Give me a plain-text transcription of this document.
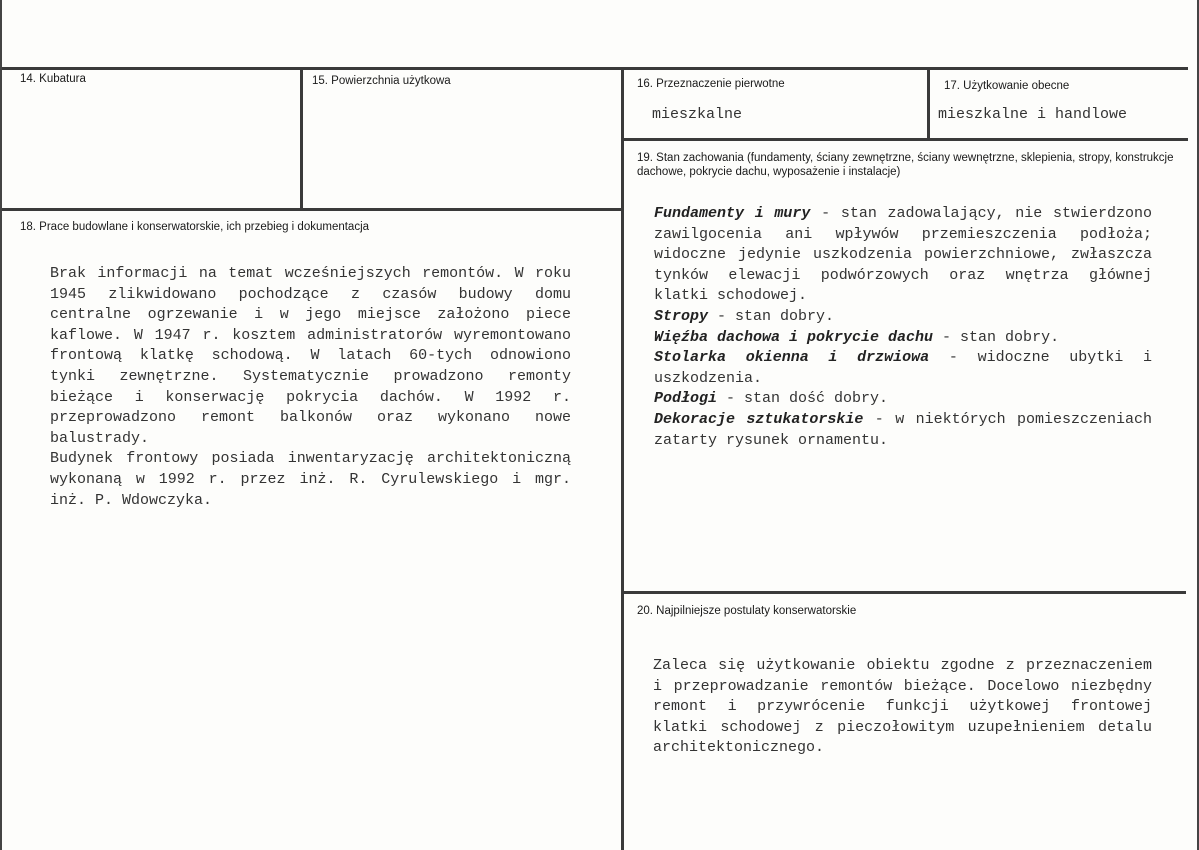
14. Kubatura	15. Powierzchnia użytkowa	16. Przeznaczenie pierwotne
mieszkalne
17. Użytkowanie obecne
mieszkalne i handlowe
18. Prace budowlane i konserwatorskie, ich przebieg i dokumentacja

Brak informacji na temat wcześniejszych remontów. W roku 1945 zlikwidowano pochodzące z czasów budowy domu centralne ogrzewanie i w jego miejsce założono piece kaflowe. W 1947 r. kosztem administratorów wyremontowano frontową klatkę schodową. W latach 60-tych odnowiono tynki zewnętrzne. Systematycznie prowadzono remonty bieżące i konserwację pokrycia dachów. W 1992 r. przeprowadzono remont balkonów oraz wykonano nowe balustrady.

Budynek frontowy posiada inwentaryzację architektoniczną wykonaną w 1992 r. przez inż. R. Cyrulewskiego i mgr. inż. P. Wdowczyka.

19. Stan zachowania (fundamenty, ściany zewnętrzne, ściany wewnętrzne, sklepienia, stropy, konstrukcje dachowe, pokrycie dachu, wyposażenie i instalacje)

Fundamenty i mury - stan zadowalający, nie stwierdzono zawilgocenia ani wpływów przemieszczenia podłoża; widoczne jedynie uszkodzenia powierzchniowe, zwłaszcza tynków elewacji podwórzowych oraz wnętrza głównej klatki schodowej.

Stropy - stan dobry.

Więźba dachowa i pokrycie dachu - stan dobry.

Stolarka okienna i drzwiowa - widoczne ubytki i uszkodzenia.

Podłogi - stan dość dobry.

Dekoracje sztukatorskie - w niektórych pomieszczeniach zatarty rysunek ornamentu.

20. Najpilniejsze postulaty konserwatorskie

Zaleca się użytkowanie obiektu zgodne z przeznaczeniem i przeprowadzanie remontów bieżące. Docelowo niezbędny remont i przywrócenie funkcji użytkowej frontowej klatki schodowej z pieczołowitym uzupełnieniem detalu architektonicznego.
